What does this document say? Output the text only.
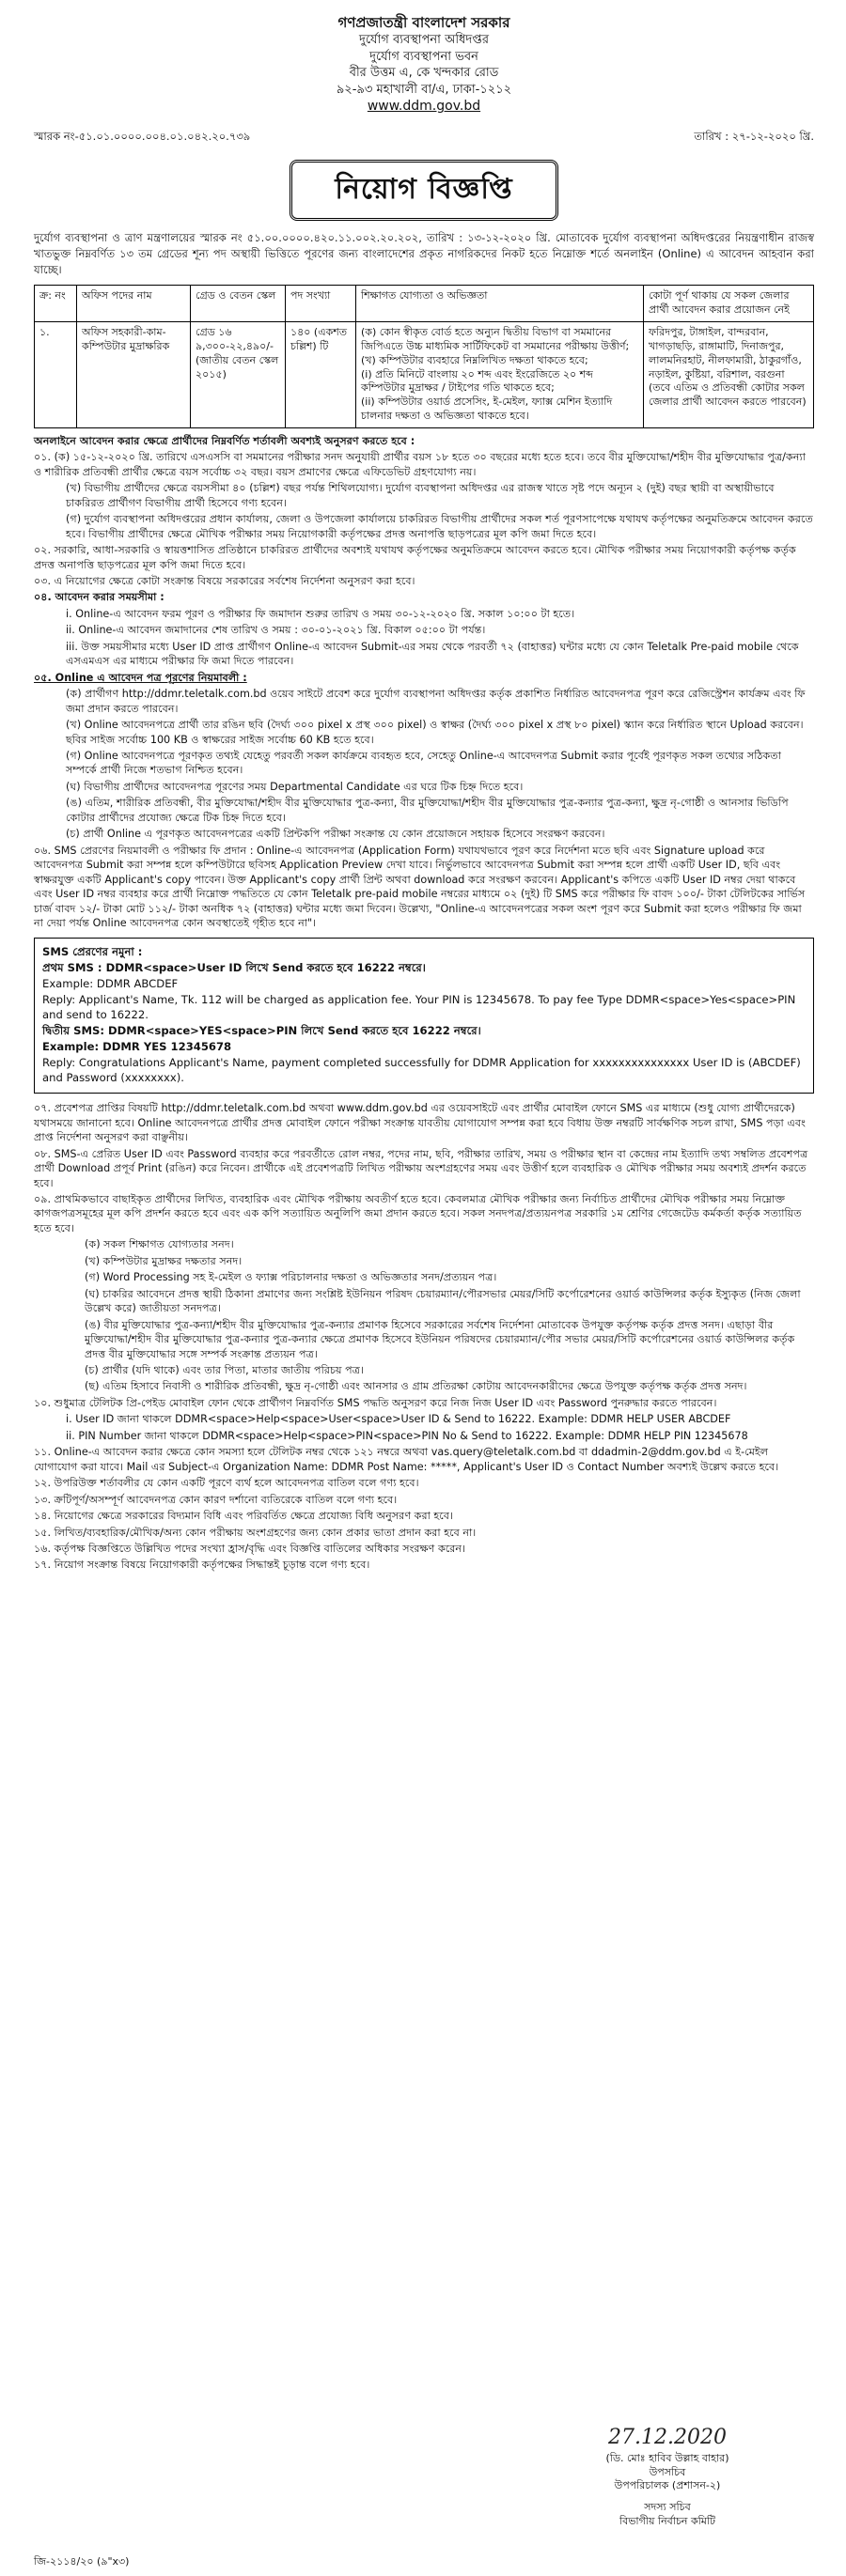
গণপ্রজাতন্ত্রী বাংলাদেশ সরকার
দুর্যোগ ব্যবস্থাপনা অধিদপ্তর
দুর্যোগ ব্যবস্থাপনা ভবন
বীর উত্তম এ, কে খন্দকার রোড
৯২-৯৩ মহাখালী বা/এ, ঢাকা-১২১২
www.ddm.gov.bd
স্মারক নং-৫১.০১.০০০০.০০৪.০১.০৪২.২০.৭৩৯	তারিখ : ২৭-১২-২০২০ খ্রি.
নিয়োগ বিজ্ঞপ্তি
দুর্যোগ ব্যবস্থাপনা ও ত্রাণ মন্ত্রণালয়ের স্মারক নং ৫১.০০.০০০০.৪২০.১১.০০২.২০.২০২, তারিখ : ১৩-১২-২০২০ খ্রি. মোতাবেক দুর্যোগ ব্যবস্থাপনা অধিদপ্তরের নিয়ন্ত্রণাধীন রাজস্ব খাতভুক্ত নিম্নবর্ণিত ১৩ তম গ্রেডের শূন্য পদ অস্থায়ী ভিত্তিতে পূরণের জন্য বাংলাদেশের প্রকৃত নাগরিকদের নিকট হতে নিম্নোক্ত শর্তে অনলাইন (Online) এ আবেদন আহবান করা যাচ্ছে।
ক্র: নং	অফিস পদের নাম	গ্রেড ও বেতন স্কেল	পদ সংখ্যা	শিক্ষাগত যোগ্যতা ও অভিজ্ঞতা	কোটা পূর্ণ থাকায় যে সকল জেলার প্রার্থী আবেদন করার প্রয়োজন নেই
১.	অফিস সহকারী-কাম-কম্পিউটার মুদ্রাক্ষরিক	গ্রেড ১৬ ৯,৩০০-২২,৪৯০/- (জাতীয় বেতন স্কেল ২০১৫)	১৪০ (একশত চল্লিশ) টি	(ক) কোন স্বীকৃত বোর্ড হতে অন্যুন দ্বিতীয় বিভাগ বা সমমানের জিপিএতে উচ্চ মাধ্যমিক সার্টিফিকেট বা সমমানের পরীক্ষায় উত্তীর্ণ;
(খ) কম্পিউটার ব্যবহারে নিম্নলিখিত দক্ষতা থাকতে হবে;
(i) প্রতি মিনিটে বাংলায় ২০ শব্দ এবং ইংরেজিতে ২০ শব্দ কম্পিউটার মুদ্রাক্ষর / টাইপের গতি থাকতে হবে;
(ii) কম্পিউটার ওয়ার্ড প্রসেসিং, ই-মেইল, ফ্যাক্স মেশিন ইত্যাদি চালনার দক্ষতা ও অভিজ্ঞতা থাকতে হবে।	ফরিদপুর, টাঙ্গাইল, বান্দরবান, খাগড়াছড়ি, রাঙ্গামাটি, দিনাজপুর, লালমনিরহাট, নীলফামারী, ঠাকুরগাঁও, নড়াইল, কুষ্টিয়া, বরিশাল, বরগুনা (তবে এতিম ও প্রতিবন্ধী কোটার সকল জেলার প্রার্থী আবেদন করতে পারবেন)

অনলাইনে আবেদন করার ক্ষেত্রে প্রার্থীদের নিম্নবর্ণিত শর্তাবলী অবশ্যই অনুসরণ করতে হবে :

০১. (ক) ১৫-১২-২০২০ খ্রি. তারিখে এসএসসি বা সমমানের পরীক্ষার সনদ অনুযায়ী প্রার্থীর বয়স ১৮ হতে ৩০ বছরের মধ্যে হতে হবে। তবে বীর মুক্তিযোদ্ধা/শহীদ বীর মুক্তিযোদ্ধার পুত্র/কন্যা ও শারীরিক প্রতিবন্ধী প্রার্থীর ক্ষেত্রে বয়স সর্বোচ্চ ৩২ বছর। বয়স প্রমাণের ক্ষেত্রে এফিডেভিট গ্রহণযোগ্য নয়।

(খ) বিভাগীয় প্রার্থীদের ক্ষেত্রে বয়সসীমা ৪০ (চল্লিশ) বছর পর্যন্ত শিথিলযোগ্য। দুর্যোগ ব্যবস্থাপনা অধিদপ্তর এর রাজস্ব খাতে সৃষ্ট পদে অন্যূন ২ (দুই) বছর স্থায়ী বা অস্থায়ীভাবে চাকরিরত প্রার্থীগণ বিভাগীয় প্রার্থী হিসেবে গণ্য হবেন।

(গ) দুর্যোগ ব্যবস্থাপনা অধিদপ্তরের প্রধান কার্যালয়, জেলা ও উপজেলা কার্যালয়ে চাকরিরত বিভাগীয় প্রার্থীদের সকল শর্ত পূরণসাপেক্ষে যথাযথ কর্তৃপক্ষের অনুমতিক্রমে আবেদন করতে হবে। বিভাগীয় প্রার্থীদের ক্ষেত্রে মৌখিক পরীক্ষার সময় নিয়োগকারী কর্তৃপক্ষের প্রদত্ত অনাপত্তি ছাড়পত্রের মূল কপি জমা দিতে হবে।

০২. সরকারি, আধা-সরকারি ও স্বায়ত্তশাসিত প্রতিষ্ঠানে চাকরিরত প্রার্থীদের অবশ্যই যথাযথ কর্তৃপক্ষের অনুমতিক্রমে আবেদন করতে হবে। মৌখিক পরীক্ষার সময় নিয়োগকারী কর্তৃপক্ষ কর্তৃক প্রদত্ত অনাপত্তি ছাড়পত্রের মূল কপি জমা দিতে হবে।

০৩. এ নিয়োগের ক্ষেত্রে কোটা সংক্রান্ত বিষয়ে সরকারের সর্বশেষ নির্দেশনা অনুসরণ করা হবে।

০৪. আবেদন করার সময়সীমা :

i. Online-এ আবেদন ফরম পূরণ ও পরীক্ষার ফি জমাদান শুরুর তারিখ ও সময় ৩০-১২-২০২০ খ্রি. সকাল ১০:০০ টা হতে।

ii. Online-এ আবেদন জমাদানের শেষ তারিখ ও সময় : ৩০-০১-২০২১ খ্রি. বিকাল ০৫:০০ টা পর্যন্ত।

iii. উক্ত সময়সীমার মধ্যে User ID প্রাপ্ত প্রার্থীগণ Online-এ আবেদন Submit-এর সময় থেকে পরবর্তী ৭২ (বাহাত্তর) ঘন্টার মধ্যে যে কোন Teletalk Pre-paid mobile থেকে এসএমএস এর মাধ্যমে পরীক্ষার ফি জমা দিতে পারবেন।

০৫. Online এ আবেদন পত্র পূরণের নিয়মাবলী :

(ক) প্রার্থীগণ http://ddmr.teletalk.com.bd ওয়েব সাইটে প্রবেশ করে দুর্যোগ ব্যবস্থাপনা অধিদপ্তর কর্তৃক প্রকাশিত নির্ধারিত আবেদনপত্র পূরণ করে রেজিস্ট্রেশন কার্যক্রম এবং ফি জমা প্রদান করতে পারবেন।

(খ) Online আবেদনপত্রে প্রার্থী তার রঙিন ছবি (দৈর্ঘ্য ৩০০ pixel x প্রস্থ ৩০০ pixel) ও স্বাক্ষর (দৈর্ঘ্য ৩০০ pixel x প্রস্থ ৮০ pixel) স্ক্যান করে নির্ধারিত স্থানে Upload করবেন। ছবির সাইজ সর্বোচ্চ 100 KB ও স্বাক্ষরের সাইজ সর্বোচ্চ 60 KB হতে হবে।

(গ) Online আবেদনপত্রে পূরণকৃত তথ্যই যেহেতু পরবর্তী সকল কার্যক্রমে ব্যবহৃত হবে, সেহেতু Online-এ আবেদনপত্র Submit করার পূর্বেই পূরণকৃত সকল তথ্যের সঠিকতা সম্পর্কে প্রার্থী নিজে শতভাগ নিশ্চিত হবেন।

(ঘ) বিভাগীয় প্রার্থীদের আবেদনপত্র পূরণের সময় Departmental Candidate এর ঘরে টিক চিহ্ন দিতে হবে।

(ঙ) এতিম, শারীরিক প্রতিবন্ধী, বীর মুক্তিযোদ্ধা/শহীদ বীর মুক্তিযোদ্ধার পুত্র-কন্যা, বীর মুক্তিযোদ্ধা/শহীদ বীর মুক্তিযোদ্ধার পুত্র-কন্যার পুত্র-কন্যা, ক্ষুদ্র নৃ-গোষ্ঠী ও আনসার ভিডিপি কোটার প্রার্থীদের প্রযোজ্য ক্ষেত্রে টিক চিহ্ন দিতে হবে।

(চ) প্রার্থী Online এ পূরণকৃত আবেদনপত্রের একটি প্রিন্টকপি পরীক্ষা সংক্রান্ত যে কোন প্রয়োজনে সহায়ক হিসেবে সংরক্ষণ করবেন।

০৬. SMS প্রেরণের নিয়মাবলী ও পরীক্ষার ফি প্রদান : Online-এ আবেদনপত্র (Application Form) যথাযথভাবে পূরণ করে নির্দেশনা মতে ছবি এবং Signature upload করে আবেদনপত্র Submit করা সম্পন্ন হলে কম্পিউটারে ছবিসহ Application Preview দেখা যাবে। নির্ভুলভাবে আবেদনপত্র Submit করা সম্পন্ন হলে প্রার্থী একটি User ID, ছবি এবং স্বাক্ষরযুক্ত একটি Applicant's copy পাবেন। উক্ত Applicant's copy প্রার্থী প্রিন্ট অথবা download করে সংরক্ষণ করবেন। Applicant's কপিতে একটি User ID নম্বর দেয়া থাকবে এবং User ID নম্বর ব্যবহার করে প্রার্থী নিম্নোক্ত পদ্ধতিতে যে কোন Teletalk pre-paid mobile নম্বরের মাধ্যমে ০২ (দুই) টি SMS করে পরীক্ষার ফি বাবদ ১০০/- টাকা টেলিটকের সার্ভিস চার্জ বাবদ ১২/- টাকা মোট ১১২/- টাকা অনধিক ৭২ (বাহাত্তর) ঘন্টার মধ্যে জমা দিবেন। উল্লেখ্য, "Online-এ আবেদনপত্রের সকল অংশ পূরণ করে Submit করা হলেও পরীক্ষার ফি জমা না দেয়া পর্যন্ত Online আবেদনপত্র কোন অবস্থাতেই গৃহীত হবে না"।

SMS প্রেরণের নমুনা :

প্রথম SMS : DDMR<space>User ID লিখে Send করতে হবে 16222 নম্বরে।

Example: DDMR ABCDEF

Reply: Applicant's Name, Tk. 112 will be charged as application fee. Your PIN is 12345678. To pay fee Type DDMR<space>Yes<space>PIN and send to 16222.

দ্বিতীয় SMS: DDMR<space>YES<space>PIN লিখে Send করতে হবে 16222 নম্বরে।

Example: DDMR YES 12345678

Reply: Congratulations Applicant's Name, payment completed successfully for DDMR Application for xxxxxxxxxxxxxxx User ID is (ABCDEF) and Password (xxxxxxxx).

০৭. প্রবেশপত্র প্রাপ্তির বিষয়টি http://ddmr.teletalk.com.bd অথবা www.ddm.gov.bd এর ওয়েবসাইটে এবং প্রার্থীর মোবাইল ফোনে SMS এর মাধ্যমে (শুধু যোগ্য প্রার্থীদেরকে) যথাসময়ে জানানো হবে। Online আবেদনপত্রে প্রার্থীর প্রদত্ত মোবাইল ফোনে পরীক্ষা সংক্রান্ত যাবতীয় যোগাযোগ সম্পন্ন করা হবে বিধায় উক্ত নম্বরটি সার্বক্ষণিক সচল রাখা, SMS পড়া এবং প্রাপ্ত নির্দেশনা অনুসরণ করা বাঞ্ছনীয়।

০৮. SMS-এ প্রেরিত User ID এবং Password ব্যবহার করে পরবর্তীতে রোল নম্বর, পদের নাম, ছবি, পরীক্ষার তারিখ, সময় ও পরীক্ষার স্থান বা কেন্দ্রের নাম ইত্যাদি তথ্য সম্বলিত প্রবেশপত্র প্রার্থী Download প্রপূর্ব Print (রঙিন) করে নিবেন। প্রার্থীকে এই প্রবেশপত্রটি লিখিত পরীক্ষায় অংশগ্রহণের সময় এবং উত্তীর্ণ হলে ব্যবহারিক ও মৌখিক পরীক্ষার সময় অবশ্যই প্রদর্শন করতে হবে।

০৯. প্রাথমিকভাবে বাছাইকৃত প্রার্থীদের লিখিত, ব্যবহারিক এবং মৌখিক পরীক্ষায় অবতীর্ণ হতে হবে। কেবলমাত্র মৌখিক পরীক্ষার জন্য নির্বাচিত প্রার্থীদের মৌখিক পরীক্ষার সময় নিম্নোক্ত কাগজপত্রসমূহের মূল কপি প্রদর্শন করতে হবে এবং এক কপি সত্যায়িত অনুলিপি জমা প্রদান করতে হবে। সকল সনদপত্র/প্রত্যয়নপত্র সরকারি ১ম শ্রেণির গেজেটেড কর্মকর্তা কর্তৃক সত্যায়িত হতে হবে।

(ক) সকল শিক্ষাগত যোগ্যতার সনদ।

(খ) কম্পিউটার মুদ্রাক্ষর দক্ষতার সনদ।

(গ) Word Processing সহ ই-মেইল ও ফ্যাক্স পরিচালনার দক্ষতা ও অভিজ্ঞতার সনদ/প্রত্যয়ন পত্র।

(ঘ) চাকরির আবেদনে প্রদত্ত স্থায়ী ঠিকানা প্রমাণের জন্য সংশ্লিষ্ট ইউনিয়ন পরিষদ চেয়ারম্যান/পৌরসভার মেয়র/সিটি কর্পোরেশনের ওয়ার্ড কাউন্সিলর কর্তৃক ইস্যুকৃত (নিজ জেলা উল্লেখ করে) জাতীয়তা সনদপত্র।

(ঙ) বীর মুক্তিযোদ্ধার পুত্র-কন্যা/শহীদ বীর মুক্তিযোদ্ধার পুত্র-কন্যার প্রমাণক হিসেবে সরকারের সর্বশেষ নির্দেশনা মোতাবেক উপযুক্ত কর্তৃপক্ষ কর্তৃক প্রদত্ত সনদ। এছাড়া বীর মুক্তিযোদ্ধা/শহীদ বীর মুক্তিযোদ্ধার পুত্র-কন্যার পুত্র-কন্যার ক্ষেত্রে প্রমাণক হিসেবে ইউনিয়ন পরিষদের চেয়ারম্যান/পৌর সভার মেয়র/সিটি কর্পোরেশনের ওয়ার্ড কাউন্সিলর কর্তৃক প্রদত্ত বীর মুক্তিযোদ্ধার সঙ্গে সম্পর্ক সংক্রান্ত প্রত্যয়ন পত্র।

(চ) প্রার্থীর (যদি থাকে) এবং তার পিতা, মাতার জাতীয় পরিচয় পত্র।

(ছ) এতিম হিসাবে নিবাসী ও শারীরিক প্রতিবন্ধী, ক্ষুদ্র নৃ-গোষ্ঠী এবং আনসার ও গ্রাম প্রতিরক্ষা কোটায় আবেদনকারীদের ক্ষেত্রে উপযুক্ত কর্তৃপক্ষ কর্তৃক প্রদত্ত সনদ।

১০. শুধুমাত্র টেলিটক প্রি-পেইড মোবাইল ফোন থেকে প্রার্থীগণ নিম্নবর্ণিত SMS পদ্ধতি অনুসরণ করে নিজ নিজ User ID এবং Password পুনরুদ্ধার করতে পারবেন।

i. User ID জানা থাকলে DDMR<space>Help<space>User<space>User ID & Send to 16222. Example: DDMR HELP USER ABCDEF

ii. PIN Number জানা থাকলে DDMR<space>Help<space>PIN<space>PIN No & Send to 16222. Example: DDMR HELP PIN 12345678

১১. Online-এ আবেদন করার ক্ষেত্রে কোন সমস্যা হলে টেলিটক নম্বর থেকে ১২১ নম্বরে অথবা vas.query@teletalk.com.bd বা ddadmin-2@ddm.gov.bd এ ই-মেইল যোগাযোগ করা যাবে। Mail এর Subject-এ Organization Name: DDMR Post Name: *****, Applicant's User ID ও Contact Number অবশ্যই উল্লেখ করতে হবে।

১২. উপরিউক্ত শর্তাবলীর যে কোন একটি পূরণে ব্যর্থ হলে আবেদনপত্র বাতিল বলে গণ্য হবে।

১৩. ক্রটিপূর্ণ/অসম্পূর্ণ আবেদনপত্র কোন কারণ দর্শানো ব্যতিরেকে বাতিল বলে গণ্য হবে।

১৪. নিয়োগের ক্ষেত্রে সরকারের বিদ্যমান বিধি এবং পরিবর্তিত ক্ষেত্রে প্রযোজ্য বিধি অনুসরণ করা হবে।

১৫. লিখিত/ব্যবহারিক/মৌখিক/অন্য কোন পরীক্ষায় অংশগ্রহণের জন্য কোন প্রকার ভাতা প্রদান করা হবে না।

১৬. কর্তৃপক্ষ বিজ্ঞপ্তিতে উল্লিখিত পদের সংখ্যা হ্রাস/বৃদ্ধি এবং বিজ্ঞপ্তি বাতিলের অধিকার সংরক্ষণ করেন।

১৭. নিয়োগ সংক্রান্ত বিষয়ে নিয়োগকারী কর্তৃপক্ষের সিদ্ধান্তই চূড়ান্ত বলে গণ্য হবে।

27.12.2020
(ডি. মোঃ হাবিব উল্লাহ বাহার)
উপসচিব
উপপরিচালক (প্রশাসন-২)
সদস্য সচিব
বিভাগীয় নির্বাচন কমিটি
জি-২১১৪/২০ (৯"x৩)
